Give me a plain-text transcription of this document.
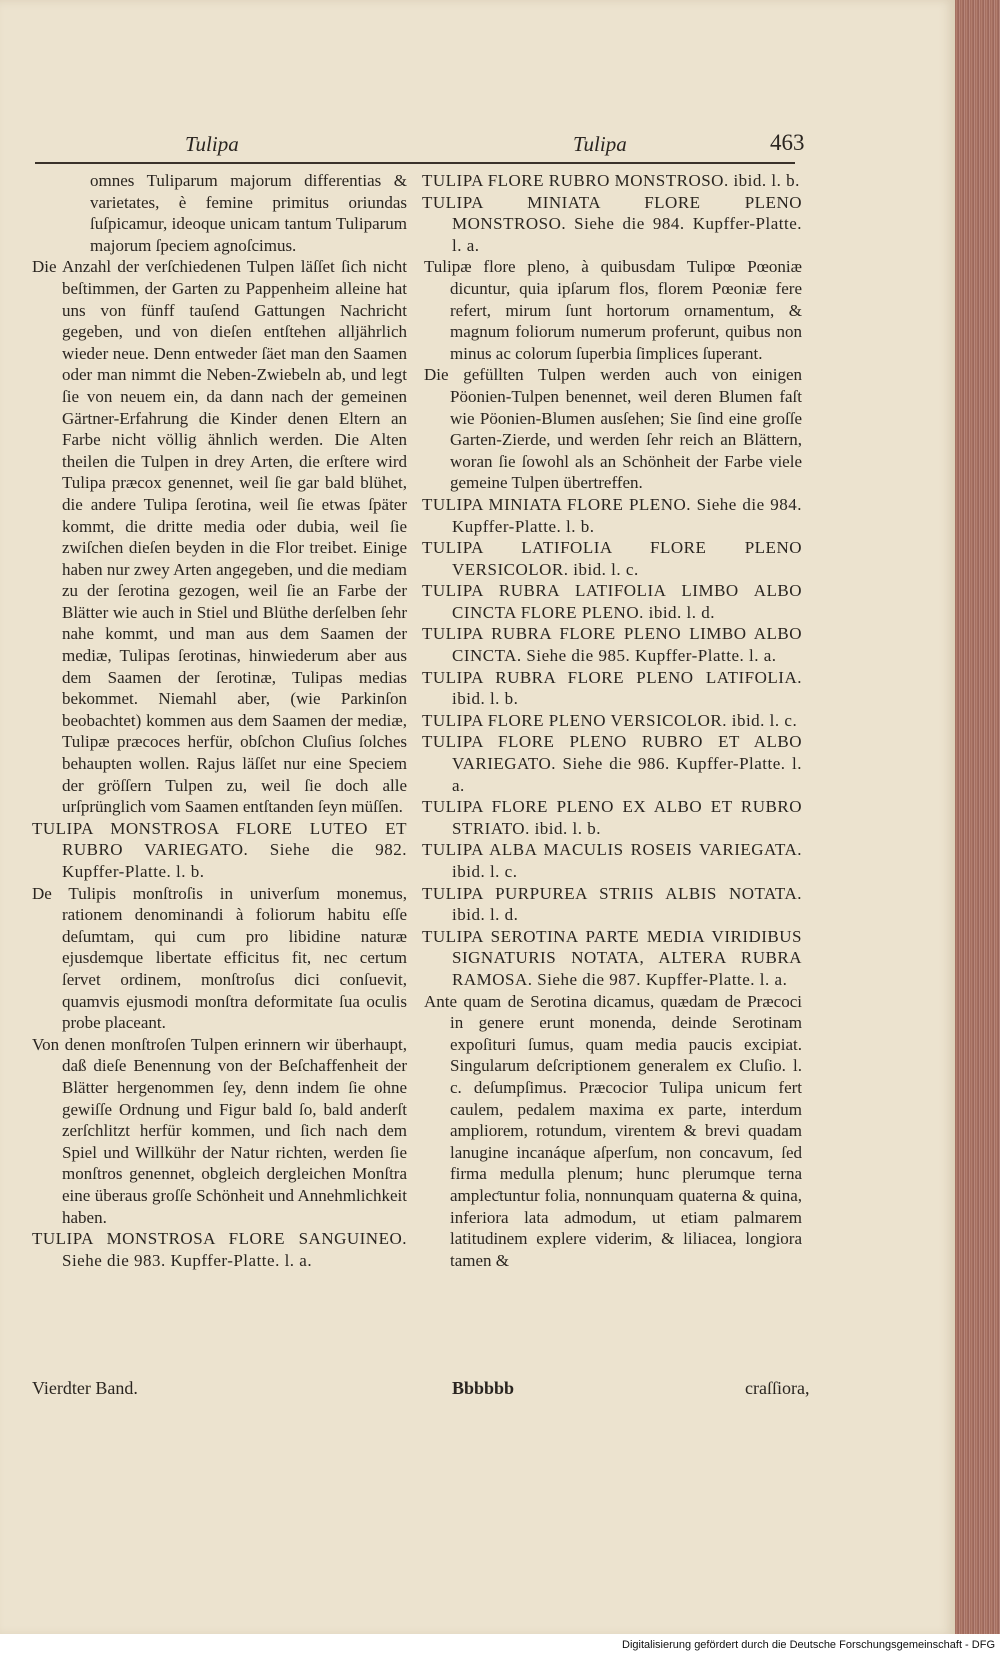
Tulipa	Tulipa	463

omnes Tuliparum majorum differentias & varietates, è femine primitus oriundas ſuſpicamur, ideoque unicam tantum Tuliparum majorum ſpeciem agnoſcimus.

Die Anzahl der verſchiedenen Tulpen läſſet ſich nicht beſtimmen, der Garten zu Pappenheim alleine hat uns von fünff tauſend Gattungen Nachricht gegeben, und von dieſen entſtehen alljährlich wieder neue. Denn entweder ſäet man den Saamen oder man nimmt die Neben-Zwiebeln ab, und legt ſie von neuem ein, da dann nach der gemeinen Gärtner-Erfahrung die Kinder denen Eltern an Farbe nicht völlig ähnlich werden. Die Alten theilen die Tulpen in drey Arten, die erſtere wird Tulipa præcox genennet, weil ſie gar bald blühet, die andere Tulipa ſerotina, weil ſie etwas ſpäter kommt, die dritte media oder dubia, weil ſie zwiſchen dieſen beyden in die Flor treibet. Einige haben nur zwey Arten angegeben, und die mediam zu der ſerotina gezogen, weil ſie an Farbe der Blätter wie auch in Stiel und Blüthe derſelben ſehr nahe kommt, und man aus dem Saamen der mediæ, Tulipas ſerotinas, hinwiederum aber aus dem Saamen der ſerotinæ, Tulipas medias bekommet. Niemahl aber, (wie Parkinſon beobachtet) kommen aus dem Saamen der mediæ, Tulipæ præcoces herfür, obſchon Cluſius ſolches behaupten wollen. Rajus läſſet nur eine Speciem der gröſſern Tulpen zu, weil ſie doch alle urſprünglich vom Saamen entſtanden ſeyn müſſen.

TULIPA MONSTROSA FLORE LUTEO ET RUBRO VARIEGATO. Siehe die 982. Kupffer-Platte. l. b.

De Tulipis monſtroſis in univerſum monemus, rationem denominandi à foliorum habitu eſſe deſumtam, qui cum pro libidine naturæ ejusdemque libertate efficitus fit, nec certum ſervet ordinem, monſtroſus dici conſuevit, quamvis ejusmodi monſtra deformitate ſua oculis probe placeant.

Von denen monſtroſen Tulpen erinnern wir überhaupt, daß dieſe Benennung von der Beſchaffenheit der Blätter hergenommen ſey, denn indem ſie ohne gewiſſe Ordnung und Figur bald ſo, bald anderſt zerſchlitzt herfür kommen, und ſich nach dem Spiel und Willkühr der Natur richten, werden ſie monſtros genennet, obgleich dergleichen Monſtra eine überaus groſſe Schönheit und Annehmlichkeit haben.

TULIPA MONSTROSA FLORE SANGUINEO. Siehe die 983. Kupffer-Platte. l. a.

TULIPA FLORE RUBRO MONSTROSO. ibid. l. b.

TULIPA MINIATA FLORE PLENO MONSTROSO. Siehe die 984. Kupffer-Platte. l. a.

Tulipæ flore pleno, à quibusdam Tulipœ Pœoniæ dicuntur, quia ipſarum flos, florem Pœoniæ fere refert, mirum ſunt hortorum ornamentum, & magnum foliorum numerum proferunt, quibus non minus ac colorum ſuperbia ſimplices ſuperant.

Die gefüllten Tulpen werden auch von einigen Pöonien-Tulpen benennet, weil deren Blumen faſt wie Pöonien-Blumen ausſehen; Sie ſind eine groſſe Garten-Zierde, und werden ſehr reich an Blättern, woran ſie ſowohl als an Schönheit der Farbe viele gemeine Tulpen übertreffen.

TULIPA MINIATA FLORE PLENO. Siehe die 984. Kupffer-Platte. l. b.

TULIPA LATIFOLIA FLORE PLENO VERSICOLOR. ibid. l. c.

TULIPA RUBRA LATIFOLIA LIMBO ALBO CINCTA FLORE PLENO. ibid. l. d.

TULIPA RUBRA FLORE PLENO LIMBO ALBO CINCTA. Siehe die 985. Kupffer-Platte. l. a.

TULIPA RUBRA FLORE PLENO LATIFOLIA. ibid. l. b.

TULIPA FLORE PLENO VERSICOLOR. ibid. l. c.

TULIPA FLORE PLENO RUBRO ET ALBO VARIEGATO. Siehe die 986. Kupffer-Platte. l. a.

TULIPA FLORE PLENO EX ALBO ET RUBRO STRIATO. ibid. l. b.

TULIPA ALBA MACULIS ROSEIS VARIEGATA. ibid. l. c.

TULIPA PURPUREA STRIIS ALBIS NOTATA. ibid. l. d.

TULIPA SEROTINA PARTE MEDIA VIRIDIBUS SIGNATURIS NOTATA, ALTERA RUBRA RAMOSA. Siehe die 987. Kupffer-Platte. l. a.

Ante quam de Serotina dicamus, quædam de Præcoci in genere erunt monenda, deinde Serotinam expoſituri ſumus, quam media paucis excipiat. Singularum deſcriptionem generalem ex Cluſio. l. c. deſumpſimus. Præcocior Tulipa unicum fert caulem, pedalem maxima ex parte, interdum ampliorem, rotundum, virentem & brevi quadam lanugine incanáque aſperſum, non concavum, ſed firma medulla plenum; hunc plerumque terna ampleƈtuntur folia, nonnunquam quaterna & quina, inferiora lata admodum, ut etiam palmarem latitudinem explere viderim, & liliacea, longiora tamen &

Vierdter Band.	Bbbbbb	craſſiora,
Digitalisierung gefördert durch die Deutsche Forschungsgemeinschaft - DFG
